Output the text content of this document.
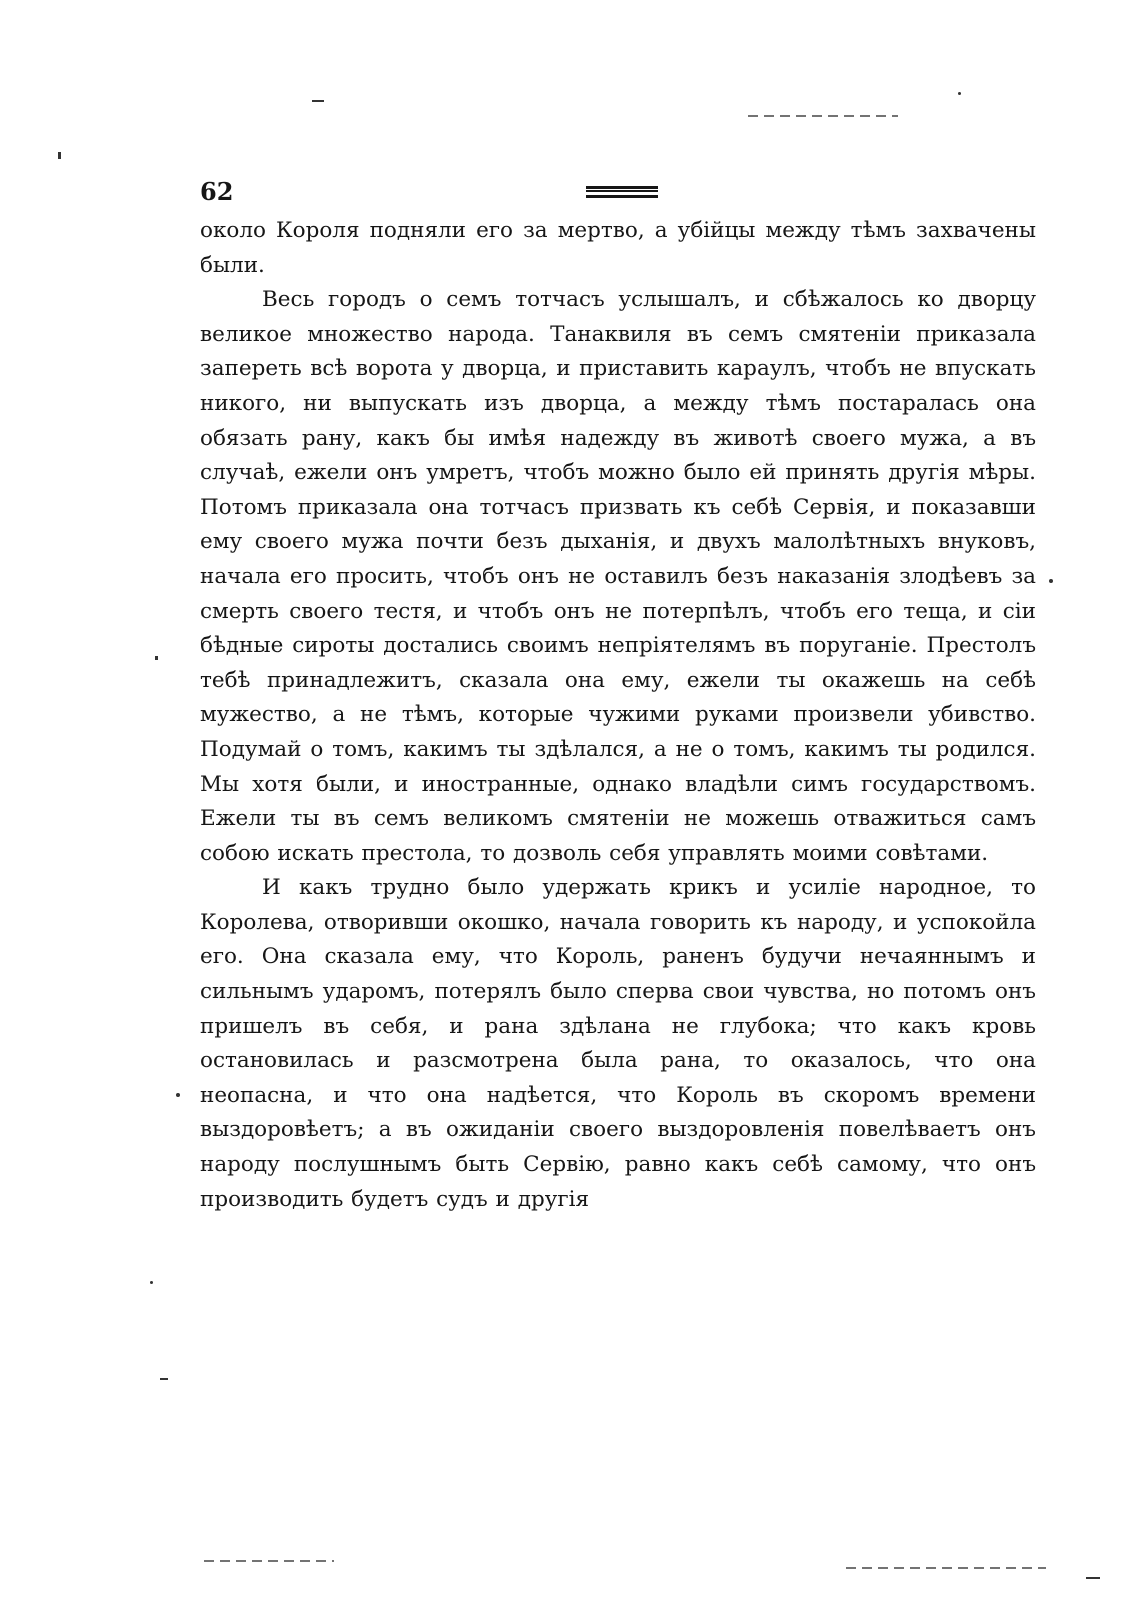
62

около Короля подняли его за мертво, а убійцы между тѣмъ захвачены были.

Весь городъ о семъ тотчасъ услышалъ, и сбѣжалось ко дворцу великое множество народа. Танаквиля въ семъ смятеніи приказала запереть всѣ ворота у дворца, и приставить караулъ, чтобъ не впускать никого, ни выпускать изъ дворца, а между тѣмъ постаралась она обязать рану, какъ бы имѣя надежду въ животѣ своего мужа, а въ случаѣ, ежели онъ умретъ, чтобъ можно было ей принять другія мѣры. Потомъ приказала она тотчасъ призвать къ себѣ Сервія, и показавши ему своего мужа почти безъ дыханія, и двухъ малолѣтныхъ внуковъ, начала его просить, чтобъ онъ не оставилъ безъ наказанія злодѣевъ за смерть своего тестя, и чтобъ онъ не потерпѣлъ, чтобъ его теща, и сіи бѣдные сироты достались своимъ непріятелямъ въ поруганіе. Престолъ тебѣ принадлежитъ, сказала она ему, ежели ты окажешь на себѣ мужество, а не тѣмъ, которые чужими руками произвели убивство. Подумай о томъ, какимъ ты здѣлался, а не о томъ, какимъ ты родился. Мы хотя были, и иностранные, однако владѣли симъ государствомъ. Ежели ты въ семъ великомъ смятеніи не можешь отважиться самъ собою искать престола, то дозволь себя управлять моими совѣтами.

И какъ трудно было удержать крикъ и усиліе народное, то Королева, отворивши окошко, начала говорить къ народу, и успокойла его. Она сказала ему, что Король, раненъ будучи нечаяннымъ и сильнымъ ударомъ, потерялъ было сперва свои чувства, но потомъ онъ пришелъ въ себя, и рана здѣлана не глубока; что какъ кровь остановилась и разсмотрена была рана, то оказалось, что она неопасна, и что она надѣется, что Король въ скоромъ времени выздоровѣетъ; а въ ожиданіи своего выздоровленія повелѣваетъ онъ народу послушнымъ быть Сервію, равно какъ себѣ самому, что онъ производить будетъ судъ и другія
